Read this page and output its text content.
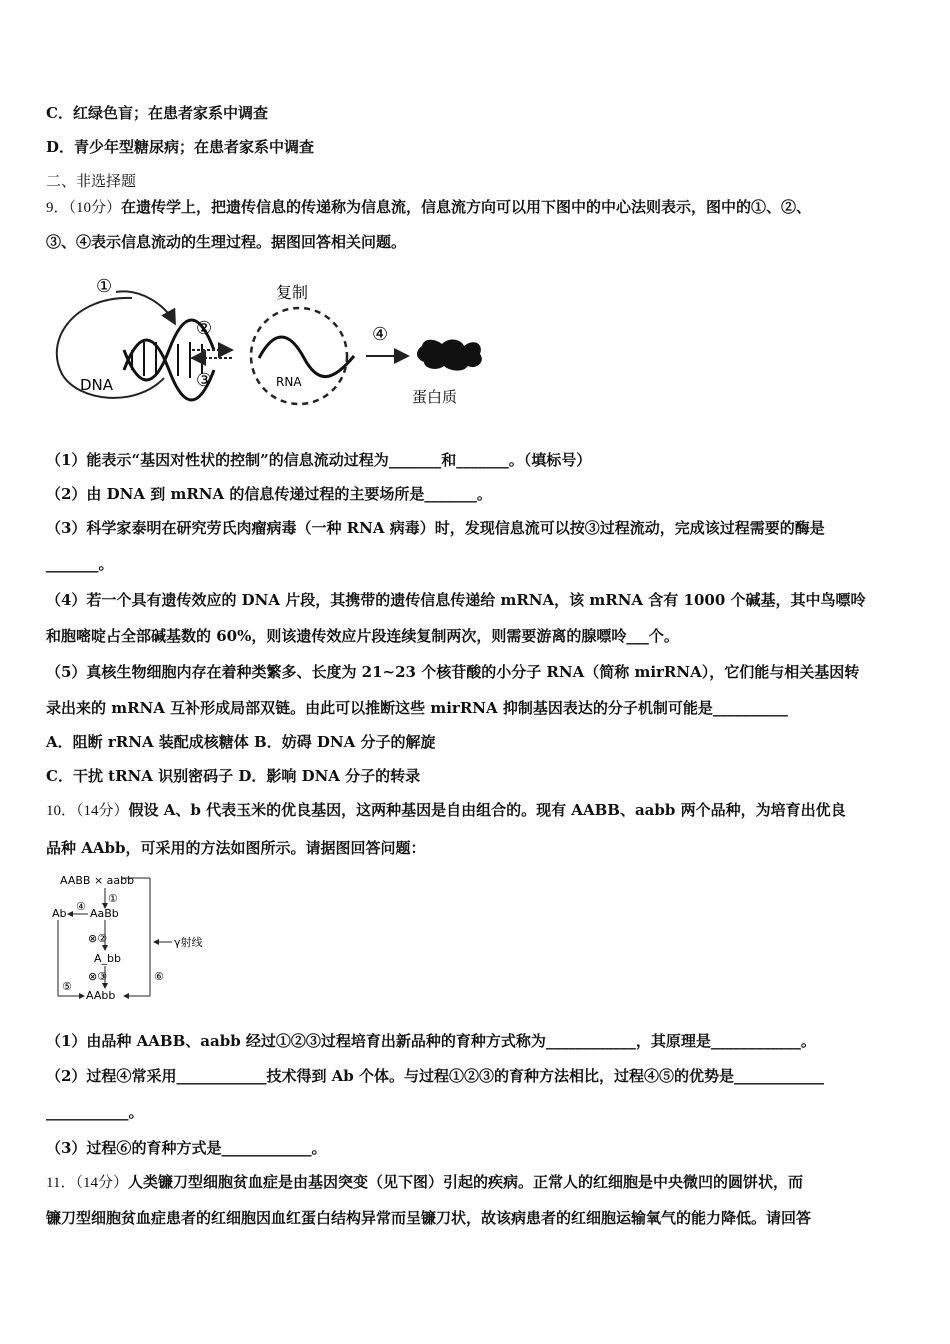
C．红绿色盲；在患者家系中调查
D．青少年型糖尿病；在患者家系中调查
二、非选择题
9．（10分）在遗传学上，把遗传信息的传递称为信息流，信息流方向可以用下图中的中心法则表示，图中的①、②、
③、④表示信息流动的生理过程。据图回答相关问题。
①
DNA
②
③
复制
RNA
④
蛋白质
（1）能表示“基因对性状的控制”的信息流动过程为_______和_______。（填标号）
（2）由 DNA 到 mRNA 的信息传递过程的主要场所是_______。
（3）科学家泰明在研究劳氏肉瘤病毒（一种 RNA 病毒）时，发现信息流可以按③过程流动，完成该过程需要的酶是
_______。
（4）若一个具有遗传效应的 DNA 片段，其携带的遗传信息传递给 mRNA，该 mRNA 含有 1000 个碱基，其中鸟嘌呤
和胞嘧啶占全部碱基数的 60%，则该遗传效应片段连续复制两次，则需要游离的腺嘌呤___个。
（5）真核生物细胞内存在着种类繁多、长度为 21~23 个核苷酸的小分子 RNA（简称 mirRNA），它们能与相关基因转
录出来的 mRNA 互补形成局部双链。由此可以推断这些 mirRNA 抑制基因表达的分子机制可能是__________
A．阻断 rRNA 装配成核糖体 B．妨碍 DNA 分子的解旋
C．干扰 tRNA 识别密码子 D．影响 DNA 分子的转录
10．（14分）假设 A、b 代表玉米的优良基因，这两种基因是自由组合的。现有 AABB、aabb 两个品种，为培育出优良
品种 AAbb，可采用的方法如图所示。请据图回答问题：
AABB × aabb
①
AaBb
Ab
④
⊗②	γ射线
A_bb
⊗③	⑥
⑤
AAbb
（1）由品种 AABB、aabb 经过①②③过程培育出新品种的育种方式称为____________，其原理是____________。
（2）过程④常采用____________技术得到 Ab 个体。与过程①②③的育种方法相比，过程④⑤的优势是____________
___________。
（3）过程⑥的育种方式是____________。
11．（14分）人类镰刀型细胞贫血症是由基因突变（见下图）引起的疾病。正常人的红细胞是中央微凹的圆饼状，而
镰刀型细胞贫血症患者的红细胞因血红蛋白结构异常而呈镰刀状，故该病患者的红细胞运输氧气的能力降低。请回答
